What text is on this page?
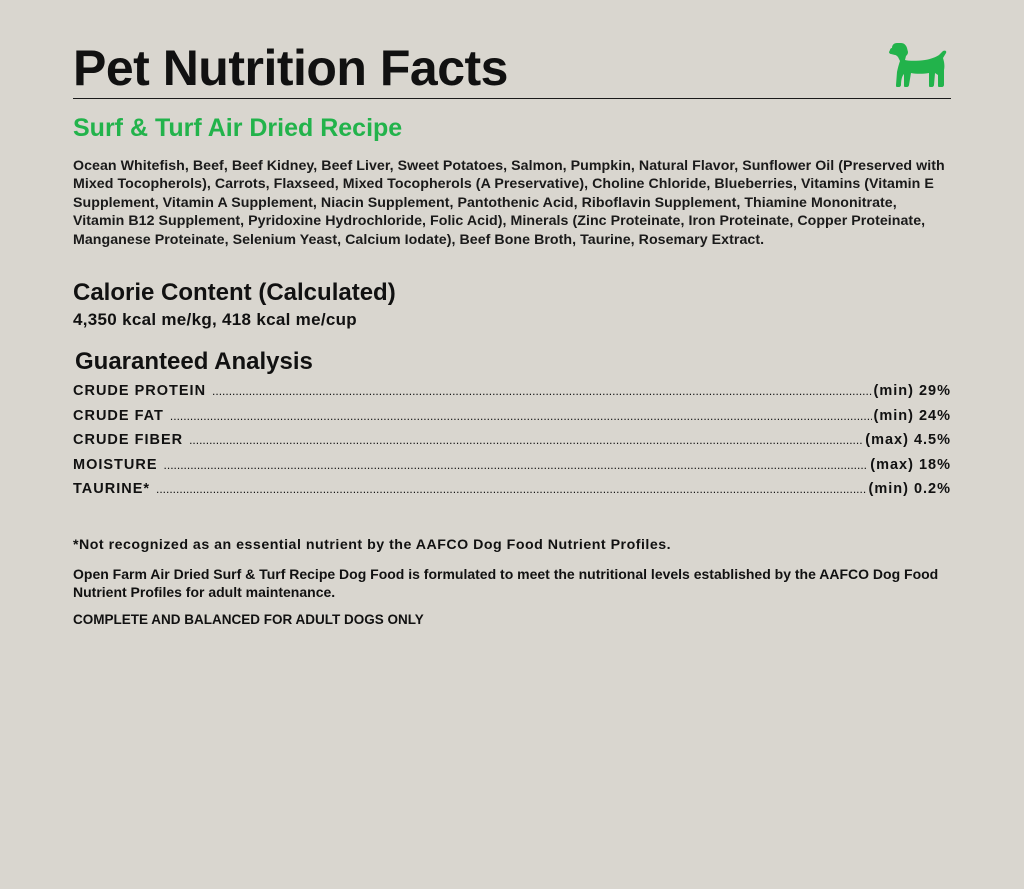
Pet Nutrition Facts
Surf & Turf Air Dried Recipe

Ocean Whitefish, Beef, Beef Kidney, Beef Liver, Sweet Potatoes, Salmon, Pumpkin, Natural Flavor, Sunflower Oil (Preserved with Mixed Tocopherols), Carrots, Flaxseed, Mixed Tocopherols (A Preservative), Choline Chloride, Blueberries, Vitamins (Vitamin E Supplement, Vitamin A Supplement, Niacin Supplement, Pantothenic Acid, Riboflavin Supplement, Thiamine Mononitrate, Vitamin B12 Supplement, Pyridoxine Hydrochloride, Folic Acid), Minerals (Zinc Proteinate, Iron Proteinate, Copper Proteinate, Manganese Proteinate, Selenium Yeast, Calcium Iodate), Beef Bone Broth, Taurine, Rosemary Extract.

Calorie Content (Calculated)

4,350 kcal me/kg, 418 kcal me/cup

Guaranteed Analysis
CRUDE PROTEIN .....	(min) 29%
CRUDE FAT .....	(min) 24%
CRUDE FIBER .....	(max) 4.5%
MOISTURE .....	(max) 18%
TAURINE* .....	(min) 0.2%

*Not recognized as an essential nutrient by the AAFCO Dog Food Nutrient Profiles.

Open Farm Air Dried Surf & Turf Recipe Dog Food is formulated to meet the nutritional levels established by the AAFCO Dog Food Nutrient Profiles for adult maintenance.

COMPLETE AND BALANCED FOR ADULT DOGS ONLY
